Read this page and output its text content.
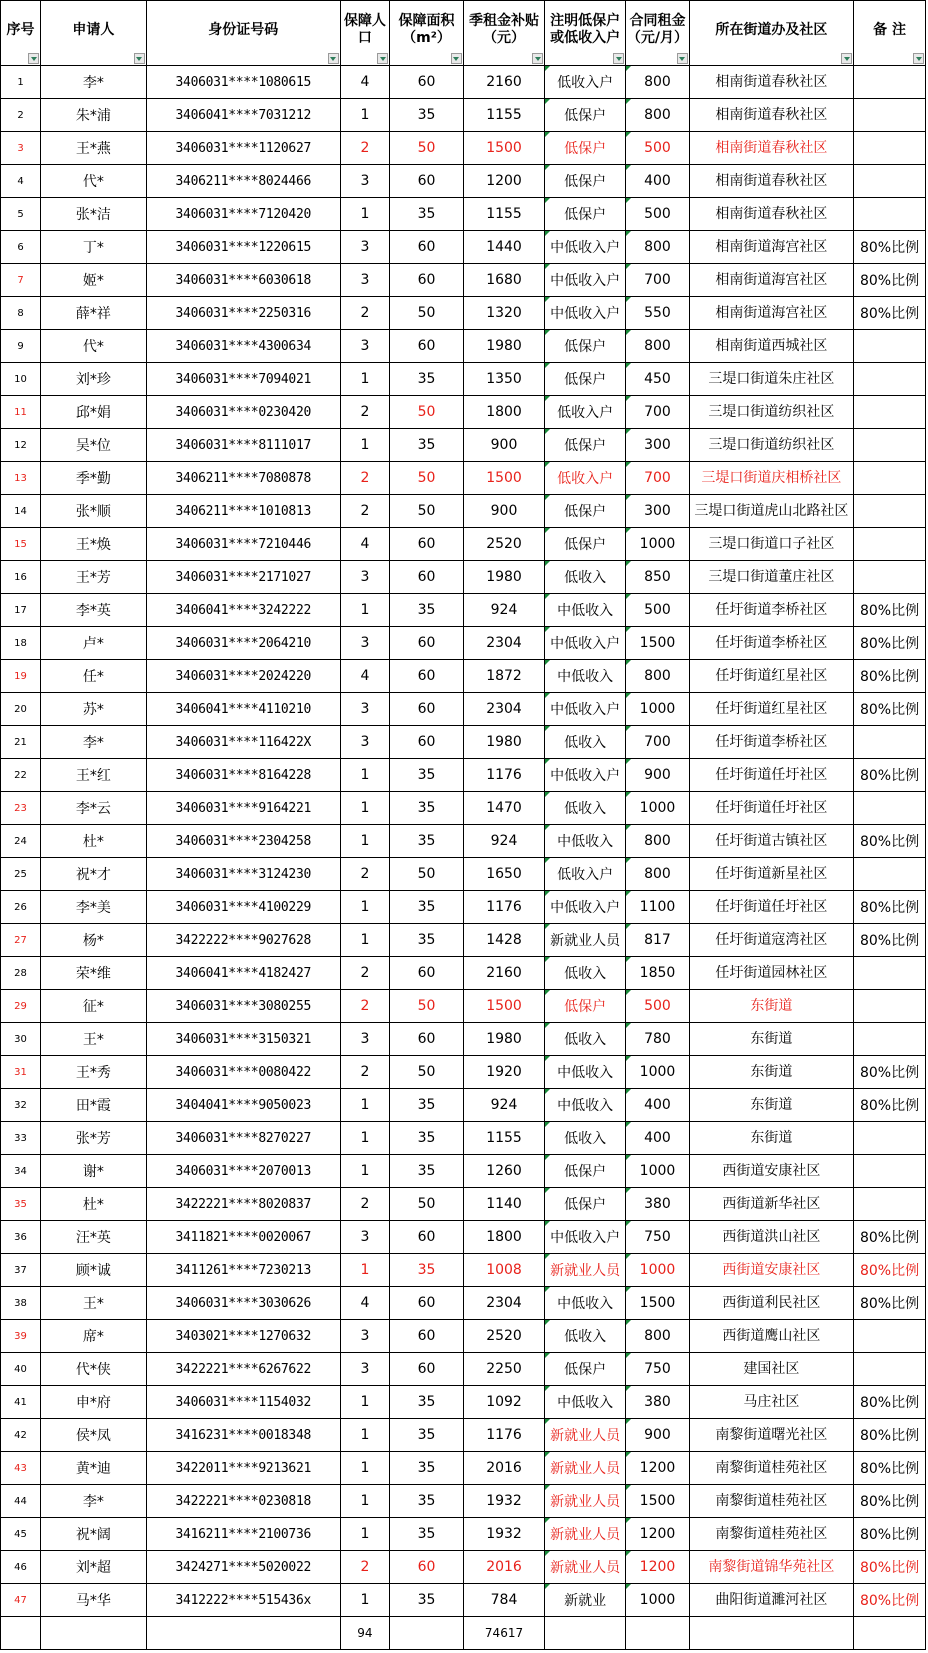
序号	申请人	身份证号码	保障人口	保障面积（m²）	季租金补贴（元）	注明低保户或低收入户	合同租金（元/月）	所在街道办及社区	备 注

1	李*	3406031****1080615	4	60	2160	低收入户	800	相南街道春秋社区	
2	朱*浦	3406041****7031212	1	35	1155	低保户	800	相南街道春秋社区	
3	王*燕	3406031****1120627	2	50	1500	低保户	500	相南街道春秋社区	
4	代*	3406211****8024466	3	60	1200	低保户	400	相南街道春秋社区	
5	张*洁	3406031****7120420	1	35	1155	低保户	500	相南街道春秋社区	
6	丁*	3406031****1220615	3	60	1440	中低收入户	800	相南街道海宫社区	80%比例
7	姬*	3406031****6030618	3	60	1680	中低收入户	700	相南街道海宫社区	80%比例
8	薛*祥	3406031****2250316	2	50	1320	中低收入户	550	相南街道海宫社区	80%比例
9	代*	3406031****4300634	3	60	1980	低保户	800	相南街道西城社区	
10	刘*珍	3406031****7094021	1	35	1350	低保户	450	三堤口街道朱庄社区	
11	邱*娟	3406031****0230420	2	50	1800	低收入户	700	三堤口街道纺织社区	
12	吴*位	3406031****8111017	1	35	900	低保户	300	三堤口街道纺织社区	
13	季*勤	3406211****7080878	2	50	1500	低收入户	700	三堤口街道庆相桥社区	
14	张*顺	3406211****1010813	2	50	900	低保户	300	三堤口街道虎山北路社区	
15	王*焕	3406031****7210446	4	60	2520	低保户	1000	三堤口街道口子社区	
16	王*芳	3406031****2171027	3	60	1980	低收入	850	三堤口街道董庄社区	
17	李*英	3406041****3242222	1	35	924	中低收入	500	任圩街道李桥社区	80%比例
18	卢*	3406031****2064210	3	60	2304	中低收入户	1500	任圩街道李桥社区	80%比例
19	任*	3406031****2024220	4	60	1872	中低收入	800	任圩街道红星社区	80%比例
20	苏*	3406041****4110210	3	60	2304	中低收入户	1000	任圩街道红星社区	80%比例
21	李*	3406031****116422X	3	60	1980	低收入	700	任圩街道李桥社区	
22	王*红	3406031****8164228	1	35	1176	中低收入户	900	任圩街道任圩社区	80%比例
23	李*云	3406031****9164221	1	35	1470	低收入	1000	任圩街道任圩社区	
24	杜*	3406031****2304258	1	35	924	中低收入	800	任圩街道古镇社区	80%比例
25	祝*才	3406031****3124230	2	50	1650	低收入户	800	任圩街道新星社区	
26	李*美	3406031****4100229	1	35	1176	中低收入户	1100	任圩街道任圩社区	80%比例
27	杨*	3422222****9027628	1	35	1428	新就业人员	817	任圩街道寇湾社区	80%比例
28	荣*维	3406041****4182427	2	60	2160	低收入	1850	任圩街道园林社区	
29	征*	3406031****3080255	2	50	1500	低保户	500	东街道	
30	王*	3406031****3150321	3	60	1980	低收入	780	东街道	
31	王*秀	3406031****0080422	2	50	1920	中低收入	1000	东街道	80%比例
32	田*霞	3404041****9050023	1	35	924	中低收入	400	东街道	80%比例
33	张*芳	3406031****8270227	1	35	1155	低收入	400	东街道	
34	谢*	3406031****2070013	1	35	1260	低保户	1000	西街道安康社区	
35	杜*	3422221****8020837	2	50	1140	低保户	380	西街道新华社区	
36	汪*英	3411821****0020067	3	60	1800	中低收入户	750	西街道洪山社区	80%比例
37	顾*诚	3411261****7230213	1	35	1008	新就业人员	1000	西街道安康社区	80%比例
38	王*	3406031****3030626	4	60	2304	中低收入	1500	西街道利民社区	80%比例
39	席*	3403021****1270632	3	60	2520	低收入	800	西街道鹰山社区	
40	代*侠	3422221****6267622	3	60	2250	低保户	750	建国社区	
41	申*府	3406031****1154032	1	35	1092	中低收入	380	马庄社区	80%比例
42	侯*凤	3416231****0018348	1	35	1176	新就业人员	900	南黎街道曙光社区	80%比例
43	黄*迪	3422011****9213621	1	35	2016	新就业人员	1200	南黎街道桂苑社区	80%比例
44	李*	3422221****0230818	1	35	1932	新就业人员	1500	南黎街道桂苑社区	80%比例
45	祝*阔	3416211****2100736	1	35	1932	新就业人员	1200	南黎街道桂苑社区	80%比例
46	刘*超	3424271****5020022	2	60	2016	新就业人员	1200	南黎街道锦华苑社区	80%比例
47	马*华	3412222****515436x	1	35	784	新就业	1000	曲阳街道濉河社区	80%比例
			94		74617				
